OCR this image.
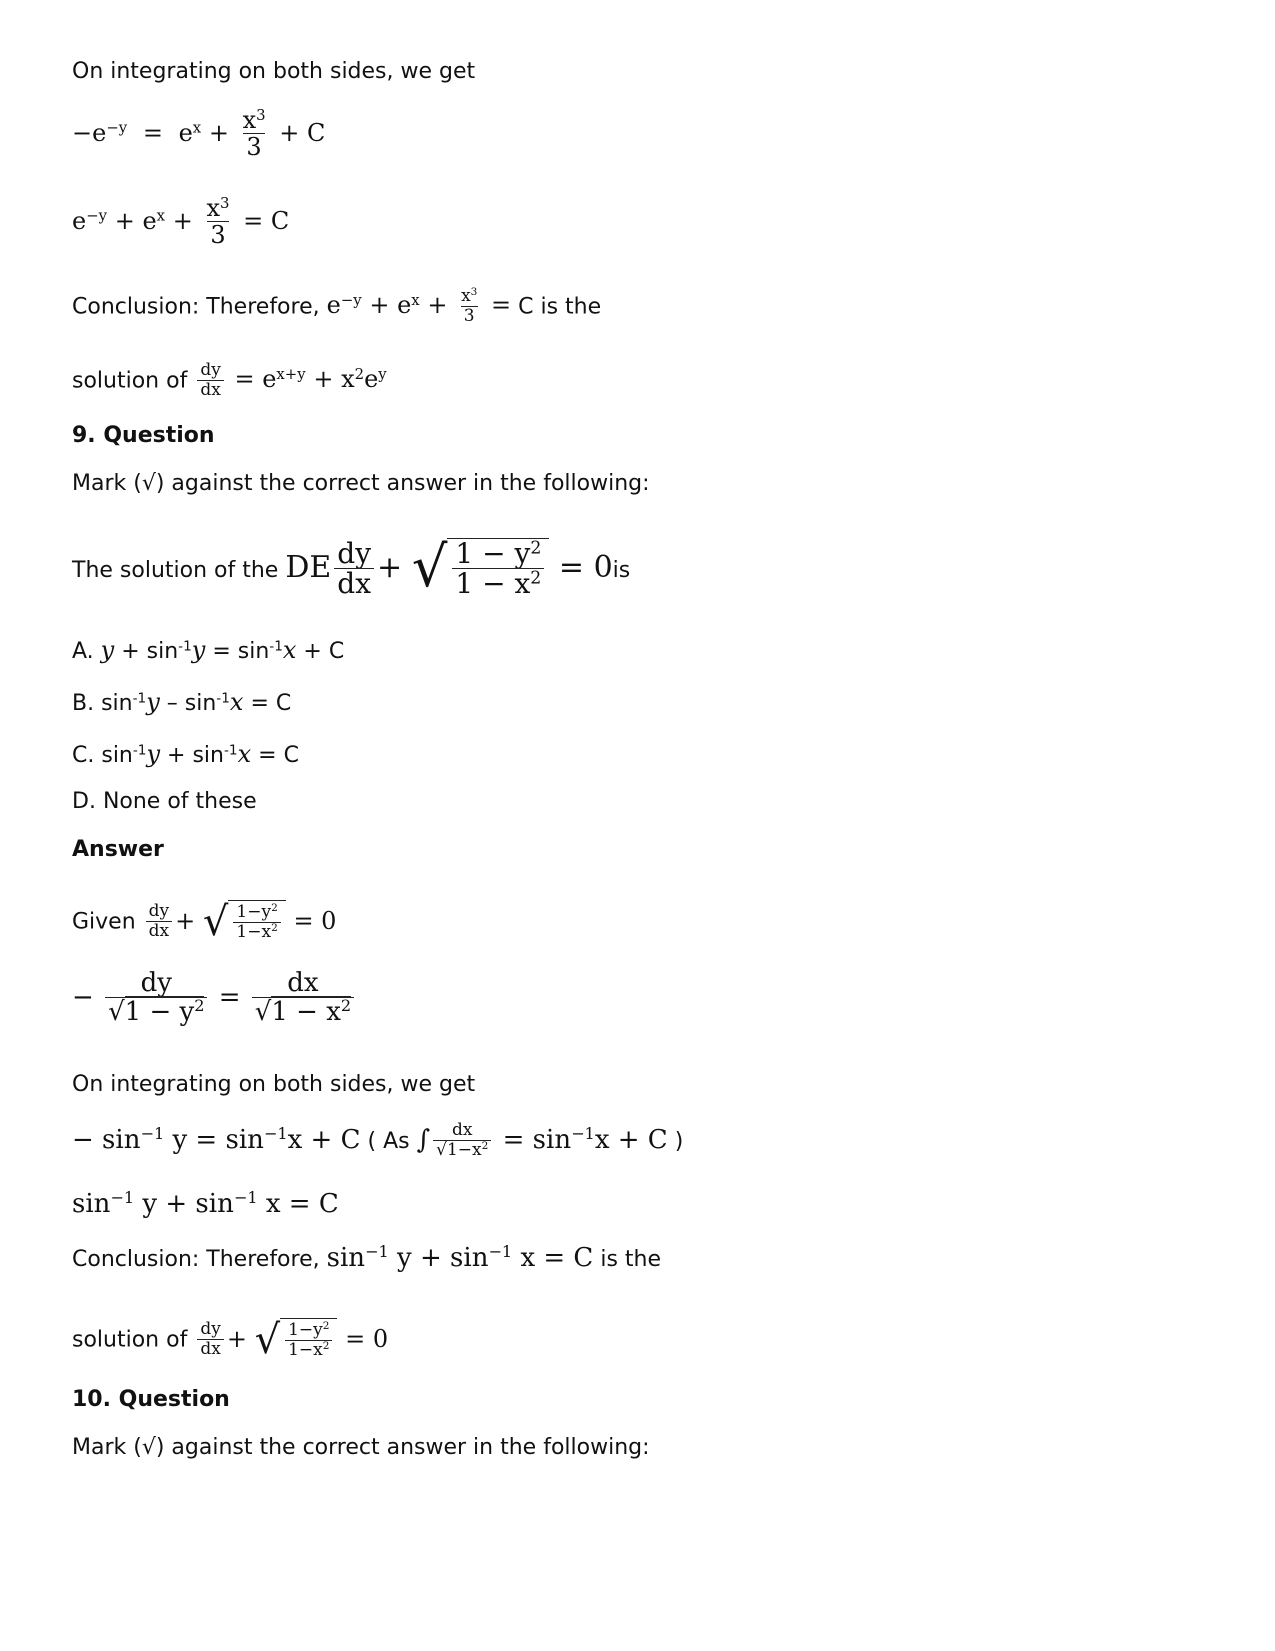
On integrating on both sides, we get
$-e^{-y} = e^x + \frac{x^3}{3} + C$
$e^{-y} + e^x + \frac{x^3}{3} = C$
Conclusion: Therefore, $e^{-y} + e^x + \frac{x^3}{3} = C$ is the
solution of $\frac{dy}{dx} = e^{x+y} + x^2e^y$
9. Question
Mark (√) against the correct answer in the following:
The solution of the DE $\frac{dy}{dx}$ + √ $\frac{1 - y^2}{1 - x^2} = 0is$
A. $y + \sin^{-1}y = \sin^{-1}x + C$
B. $\sin^{-1}y - \sin^{-1}x = C$
C. $\sin^{-1}y + \sin^{-1}x = C$
D. None of these
Answer
Given $\frac{dy}{dx}$ + √ $\frac{1-y^2}{1-x^2} = 0$
− $\frac{dy}{√1 - y^2} = \frac{dx}{√1 - x^2}$
On integrating on both sides, we get
− $\sin^{-1} y = \sin^{-1}x + C$ ( As ∫ $\frac{dx}{√1-x^2} = \sin^{-1}x + C$ )
$\sin^{-1} y + \sin^{-1} x = C$
Conclusion: Therefore, $\sin^{-1} y + \sin^{-1} x = C$ is the
solution of $\frac{dy}{dx}$ + √ $\frac{1-y^2}{1-x^2} = 0$
10. Question
Mark (√) against the correct answer in the following:
